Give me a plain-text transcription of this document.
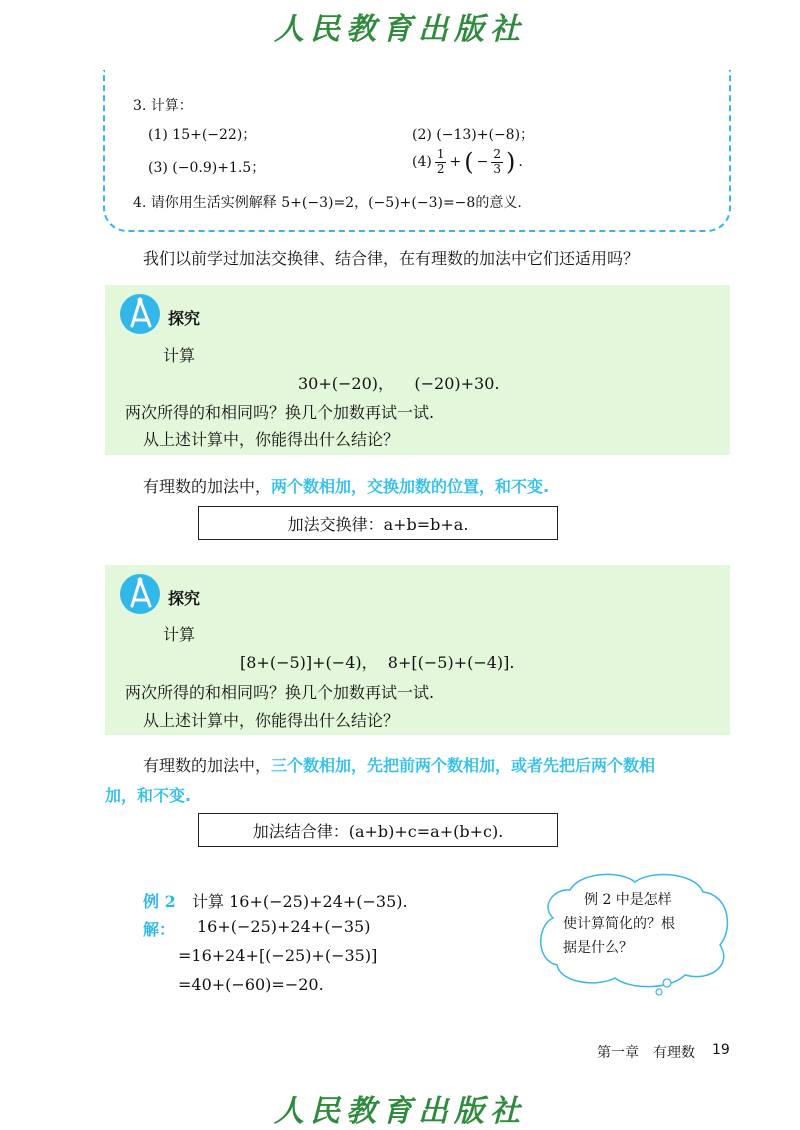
人民教育出版社
3. 计算：
(1) 15+(−22)；	(2) (−13)+(−8)；
(3) (−0.9)+1.5；	$(4) \frac{1}{2}$ + ( − $\frac{2}{3}$ ) .
4. 请你用生活实例解释 5+(−3)=2，(−5)+(−3)=−8的意义.
我们以前学过加法交换律、结合律，在有理数的加法中它们还适用吗？
探究
计算
30+(−20)，    (−20)+30.
两次所得的和相同吗？换几个加数再试一试.
从上述计算中，你能得出什么结论？
有理数的加法中，两个数相加，交换加数的位置，和不变.
加法交换律：a+b=b+a.
探究
计算
[8+(−5)]+(−4)，  8+[(−5)+(−4)].
两次所得的和相同吗？换几个加数再试一试.
从上述计算中，你能得出什么结论？
有理数的加法中，三个数相加，先把前两个数相加，或者先把后两个数相
加，和不变.
加法结合律：(a+b)+c=a+(b+c).
例 2 计算 16+(−25)+24+(−35).
解： 16+(−25)+24+(−35)
=16+24+[(−25)+(−35)]
=40+(−60)=−20.
例 2 中是怎样
使计算简化的？根
据是什么？
第一章　有理数 19
人民教育出版社
